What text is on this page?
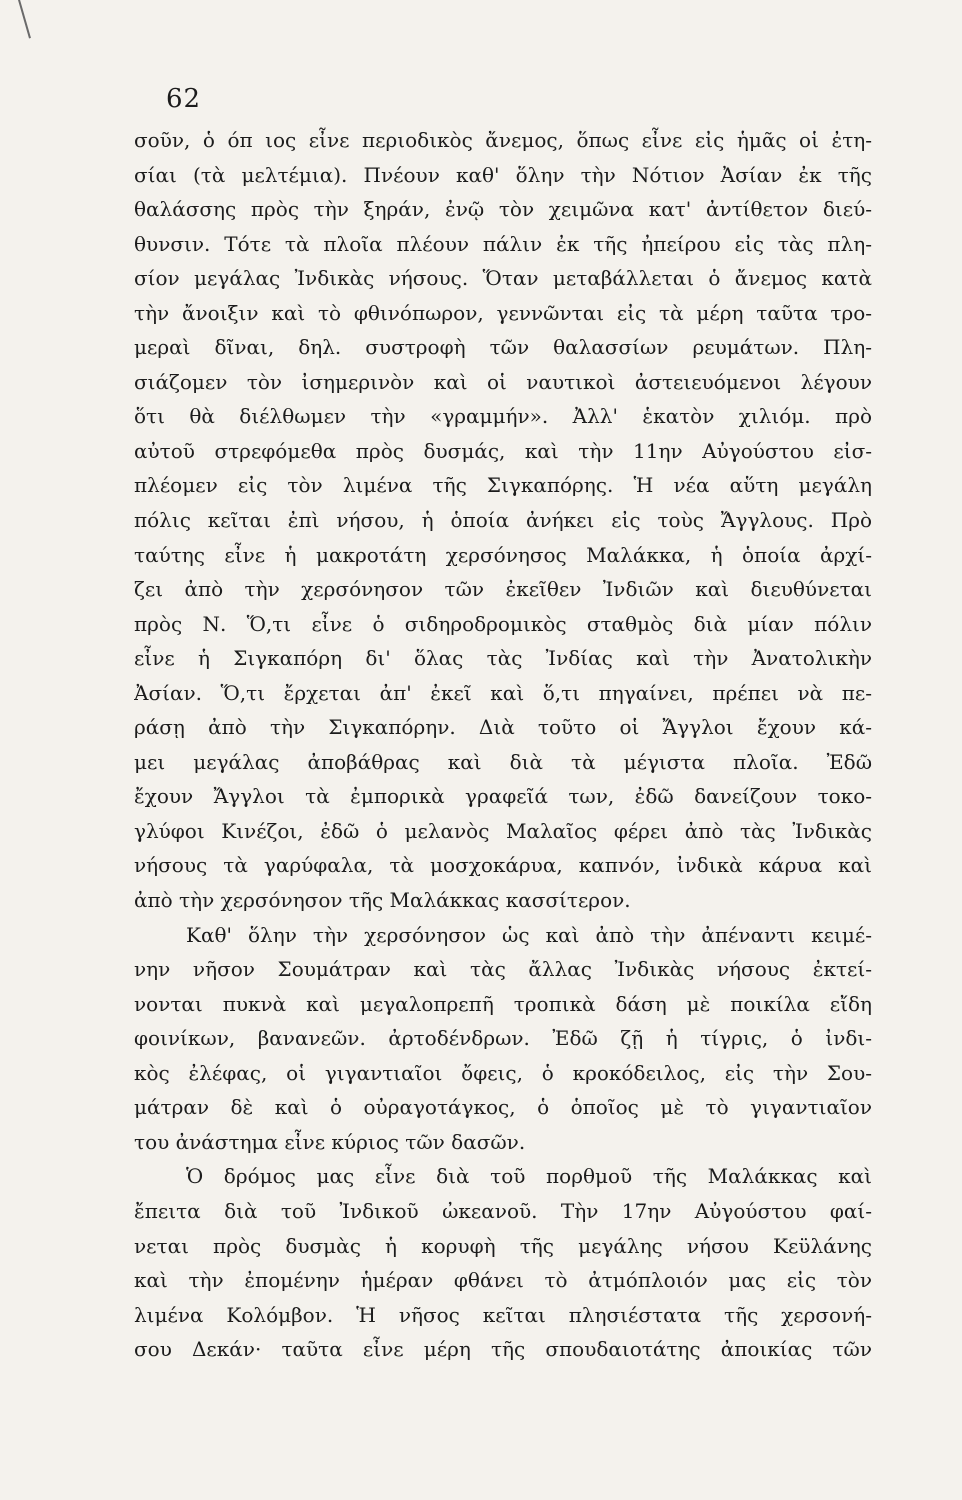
62
σοῦν, ὁ όπ ιος εἶνε περιοδικὸς ἄνεμος, ὅπως εἶνε εἰς ἡμᾶς οἱ ἐτη-
σίαι (τὰ μελτέμια). Πνέουν καθ' ὅλην τὴν Νότιον Ἀσίαν ἐκ τῆς
θαλάσσης πρὸς τὴν ξηράν, ἐνῷ τὸν χειμῶνα κατ' ἀντίθετον διεύ-
θυνσιν. Τότε τὰ πλοῖα πλέουν πάλιν ἐκ τῆς ἠπείρου εἰς τὰς πλη-
σίον μεγάλας Ἰνδικὰς νήσους. Ὅταν μεταβάλλεται ὁ ἄνεμος κατὰ
τὴν ἄνοιξιν καὶ τὸ φθινόπωρον, γεννῶνται εἰς τὰ μέρη ταῦτα τρο-
μεραὶ δῖναι, δηλ. συστροφὴ τῶν θαλασσίων ρευμάτων. Πλη-
σιάζομεν τὸν ἰσημερινὸν καὶ οἱ ναυτικοὶ ἀστειευόμενοι λέγουν
ὅτι θὰ διέλθωμεν τὴν «γραμμήν». Ἀλλ' ἑκατὸν χιλιόμ. πρὸ
αὐτοῦ στρεφόμεθα πρὸς δυσμάς, καὶ τὴν 11ην Αὐγούστου εἰσ-
πλέομεν εἰς τὸν λιμένα τῆς Σιγκαπόρης. Ἡ νέα αὕτη μεγάλη
πόλις κεῖται ἐπὶ νήσου, ἡ ὁποία ἀνήκει εἰς τοὺς Ἄγγλους. Πρὸ
ταύτης εἶνε ἡ μακροτάτη χερσόνησος Μαλάκκα, ἡ ὁποία ἀρχί-
ζει ἀπὸ τὴν χερσόνησον τῶν ἐκεῖθεν Ἰνδιῶν καὶ διευθύνεται
πρὸς Ν. Ὅ,τι εἶνε ὁ σιδηροδρομικὸς σταθμὸς διὰ μίαν πόλιν
εἶνε ἡ Σιγκαπόρη δι' ὅλας τὰς Ἰνδίας καὶ τὴν Ἀνατολικὴν
Ἀσίαν. Ὅ,τι ἔρχεται ἀπ' ἐκεῖ καὶ ὅ,τι πηγαίνει, πρέπει νὰ πε-
ράσῃ ἀπὸ τὴν Σιγκαπόρην. Διὰ τοῦτο οἱ Ἄγγλοι ἔχουν κά-
μει μεγάλας ἀποβάθρας καὶ διὰ τὰ μέγιστα πλοῖα. Ἐδῶ
ἔχουν Ἄγγλοι τὰ ἐμπορικὰ γραφεῖά των, ἐδῶ δανείζουν τοκο-
γλύφοι Κινέζοι, ἐδῶ ὁ μελανὸς Μαλαῖος φέρει ἀπὸ τὰς Ἰνδικὰς
νήσους τὰ γαρύφαλα, τὰ μοσχοκάρυα, καπνόν, ἰνδικὰ κάρυα καὶ
ἀπὸ τὴν χερσόνησον τῆς Μαλάκκας κασσίτερον.
Καθ' ὅλην τὴν χερσόνησον ὡς καὶ ἀπὸ τὴν ἀπέναντι κειμέ-
νην νῆσον Σουμάτραν καὶ τὰς ἄλλας Ἰνδικὰς νήσους ἐκτεί-
νονται πυκνὰ καὶ μεγαλοπρεπῆ τροπικὰ δάση μὲ ποικίλα εἴδη
φοινίκων, βανανεῶν. ἀρτοδένδρων. Ἐδῶ ζῇ ἡ τίγρις, ὁ ἰνδι-
κὸς ἐλέφας, οἱ γιγαντιαῖοι ὄφεις, ὁ κροκόδειλος, εἰς τὴν Σου-
μάτραν δὲ καὶ ὁ οὐραγοτάγκος, ὁ ὁποῖος μὲ τὸ γιγαντιαῖον
του ἀνάστημα εἶνε κύριος τῶν δασῶν.
Ὁ δρόμος μας εἶνε διὰ τοῦ πορθμοῦ τῆς Μαλάκκας καὶ
ἔπειτα διὰ τοῦ Ἰνδικοῦ ὠκεανοῦ. Τὴν 17ην Αὐγούστου φαί-
νεται πρὸς δυσμὰς ἡ κορυφὴ τῆς μεγάλης νήσου Κεϋλάνης
καὶ τὴν ἐπομένην ἡμέραν φθάνει τὸ ἀτμόπλοιόν μας εἰς τὸν
λιμένα Κολόμβον. Ἡ νῆσος κεῖται πλησιέστατα τῆς χερσονή-
σου Δεκάν· ταῦτα εἶνε μέρη τῆς σπουδαιοτάτης ἀποικίας τῶν
